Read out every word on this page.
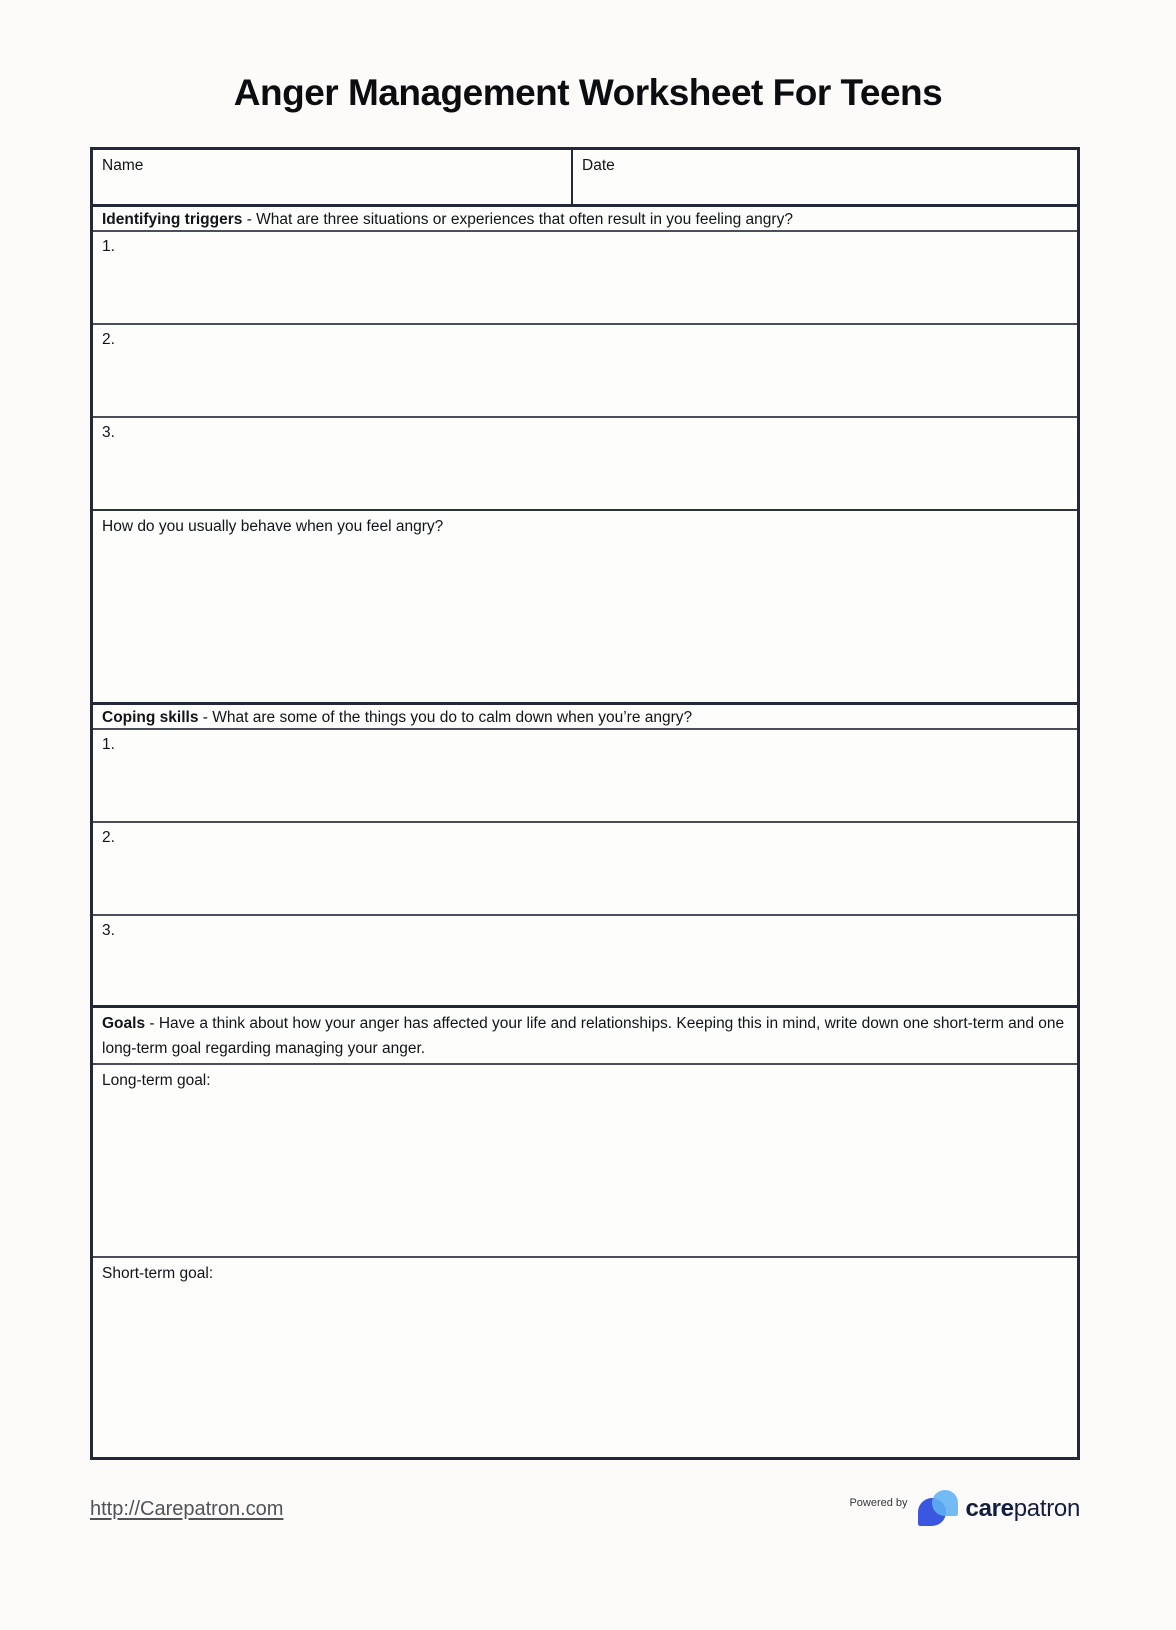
Anger Management Worksheet For Teens
Name	Date
Identifying triggers - What are three situations or experiences that often result in you feeling angry?
1.
2.
3.
How do you usually behave when you feel angry?
Coping skills - What are some of the things you do to calm down when you’re angry?
1.
2.
3.
Goals - Have a think about how your anger has affected your life and relationships. Keeping this in mind, write down one short-term and one long-term goal regarding managing your anger.
Long-term goal:
Short-term goal:
http://Carepatron.com	Powered by carepatron
